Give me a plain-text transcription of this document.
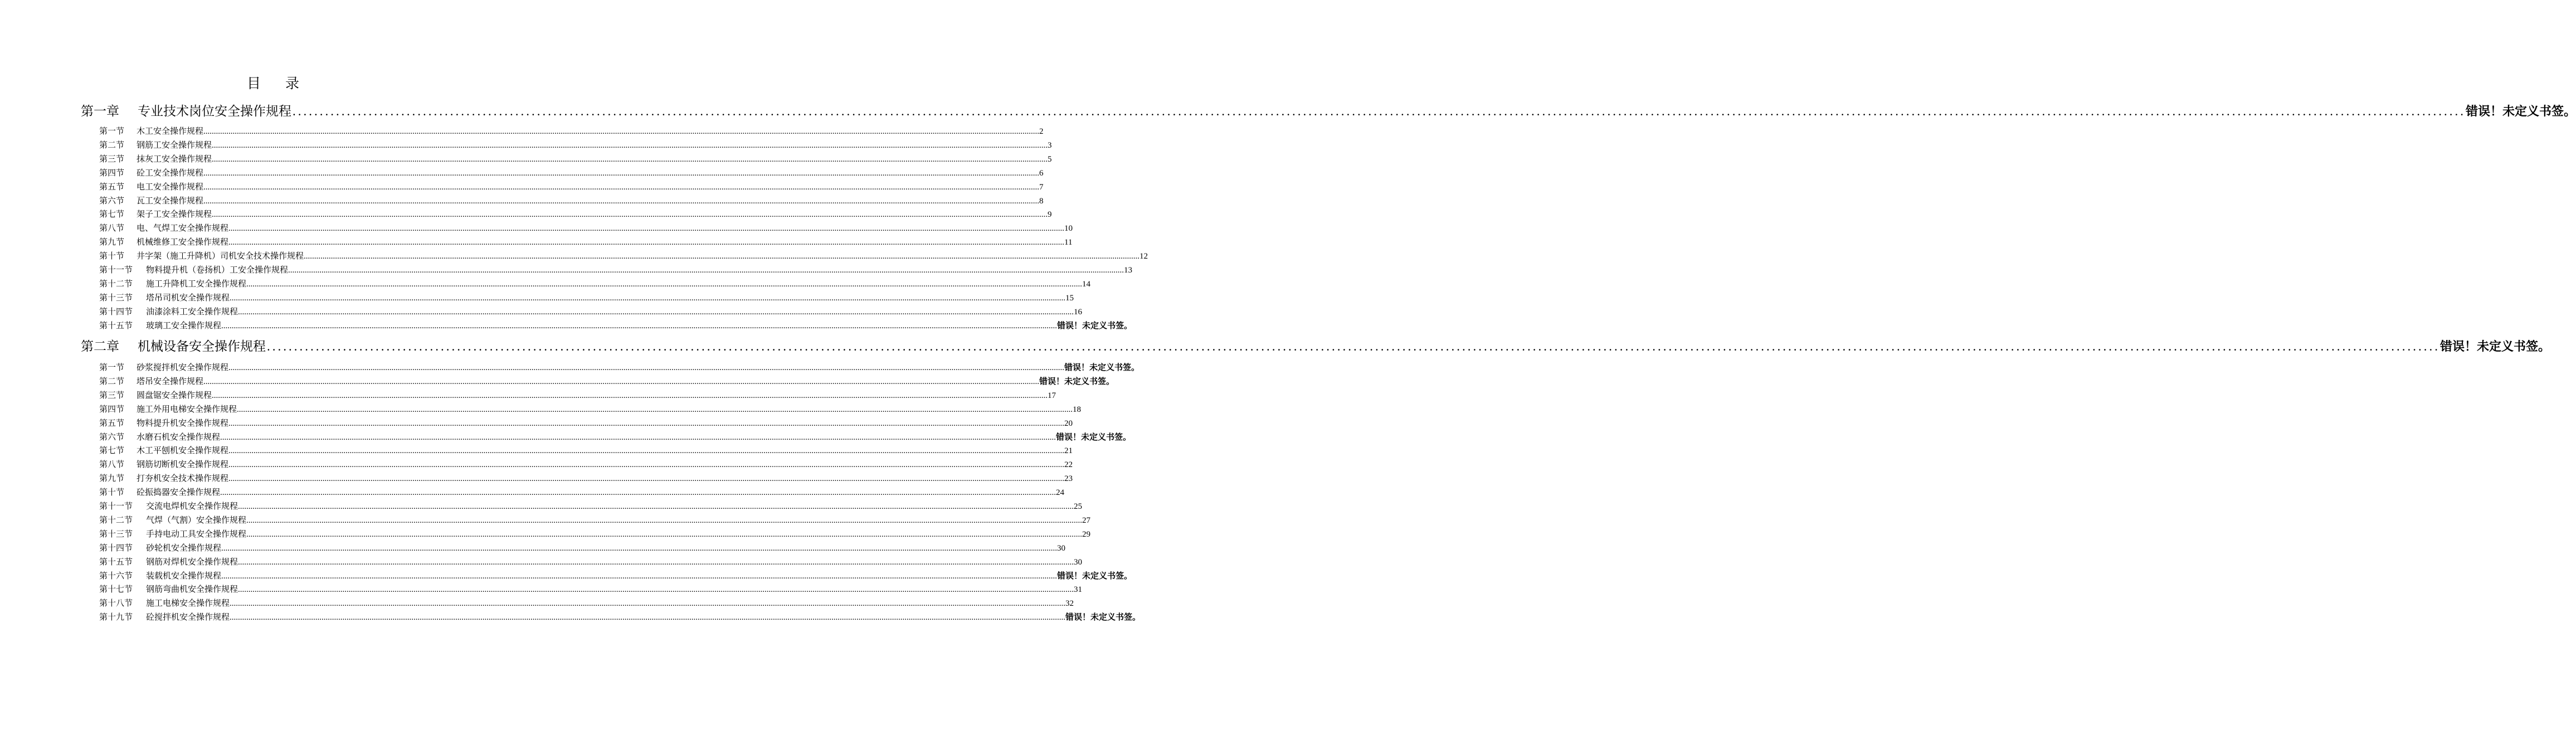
目 录
第一章	专业技术岗位安全操作规程 ................................................................................................................................................................................................................................................................................................................................................................................................................ 错误！未定义书签。
第一节	木工安全操作规程 ................................................................................................................................................................................................................................................................................................................................................................................................................ 2
第二节	钢筋工安全操作规程 ................................................................................................................................................................................................................................................................................................................................................................................................................ 3
第三节	抹灰工安全操作规程 ................................................................................................................................................................................................................................................................................................................................................................................................................ 5
第四节	砼工安全操作规程 ................................................................................................................................................................................................................................................................................................................................................................................................................ 6
第五节	电工安全操作规程 ................................................................................................................................................................................................................................................................................................................................................................................................................ 7
第六节	瓦工安全操作规程 ................................................................................................................................................................................................................................................................................................................................................................................................................ 8
第七节	架子工安全操作规程 ................................................................................................................................................................................................................................................................................................................................................................................................................ 9
第八节	电、气焊工安全操作规程 ................................................................................................................................................................................................................................................................................................................................................................................................................ 10
第九节	机械维修工安全操作规程 ................................................................................................................................................................................................................................................................................................................................................................................................................ 11
第十节	井字架（施工升降机）司机安全技术操作规程 ................................................................................................................................................................................................................................................................................................................................................................................................................ 12
第十一节	物料提升机（卷扬机）工安全操作规程 ................................................................................................................................................................................................................................................................................................................................................................................................................ 13
第十二节	施工升降机工安全操作规程 ................................................................................................................................................................................................................................................................................................................................................................................................................ 14
第十三节	塔吊司机安全操作规程 ................................................................................................................................................................................................................................................................................................................................................................................................................ 15
第十四节	油漆涂料工安全操作规程 ................................................................................................................................................................................................................................................................................................................................................................................................................ 16
第十五节	玻璃工安全操作规程 ................................................................................................................................................................................................................................................................................................................................................................................................................ 错误！未定义书签。
第二章	机械设备安全操作规程 ................................................................................................................................................................................................................................................................................................................................................................................................................ 错误！未定义书签。
第一节	砂浆搅拌机安全操作规程 ................................................................................................................................................................................................................................................................................................................................................................................................................ 错误！未定义书签。
第二节	塔吊安全操作规程 ................................................................................................................................................................................................................................................................................................................................................................................................................ 错误！未定义书签。
第三节	圆盘锯安全操作规程 ................................................................................................................................................................................................................................................................................................................................................................................................................ 17
第四节	施工外用电梯安全操作规程 ................................................................................................................................................................................................................................................................................................................................................................................................................ 18
第五节	物料提升机安全操作规程 ................................................................................................................................................................................................................................................................................................................................................................................................................ 20
第六节	水磨石机安全操作规程 ................................................................................................................................................................................................................................................................................................................................................................................................................ 错误！未定义书签。
第七节	木工平刨机安全操作规程 ................................................................................................................................................................................................................................................................................................................................................................................................................ 21
第八节	钢筋切断机安全操作规程 ................................................................................................................................................................................................................................................................................................................................................................................................................ 22
第九节	打夯机安全技术操作规程 ................................................................................................................................................................................................................................................................................................................................................................................................................ 23
第十节	砼振捣器安全操作规程 ................................................................................................................................................................................................................................................................................................................................................................................................................ 24
第十一节	交流电焊机安全操作规程 ................................................................................................................................................................................................................................................................................................................................................................................................................ 25
第十二节	气焊（气割）安全操作规程 ................................................................................................................................................................................................................................................................................................................................................................................................................ 27
第十三节	手持电动工具安全操作规程 ................................................................................................................................................................................................................................................................................................................................................................................................................ 29
第十四节	砂轮机安全操作规程 ................................................................................................................................................................................................................................................................................................................................................................................................................ 30
第十五节	钢筋对焊机安全操作规程 ................................................................................................................................................................................................................................................................................................................................................................................................................ 30
第十六节	装载机安全操作规程 ................................................................................................................................................................................................................................................................................................................................................................................................................ 错误！未定义书签。
第十七节	钢筋弯曲机安全操作规程 ................................................................................................................................................................................................................................................................................................................................................................................................................ 31
第十八节	施工电梯安全操作规程 ................................................................................................................................................................................................................................................................................................................................................................................................................ 32
第十九节	砼搅拌机安全操作规程 ................................................................................................................................................................................................................................................................................................................................................................................................................ 错误！未定义书签。
